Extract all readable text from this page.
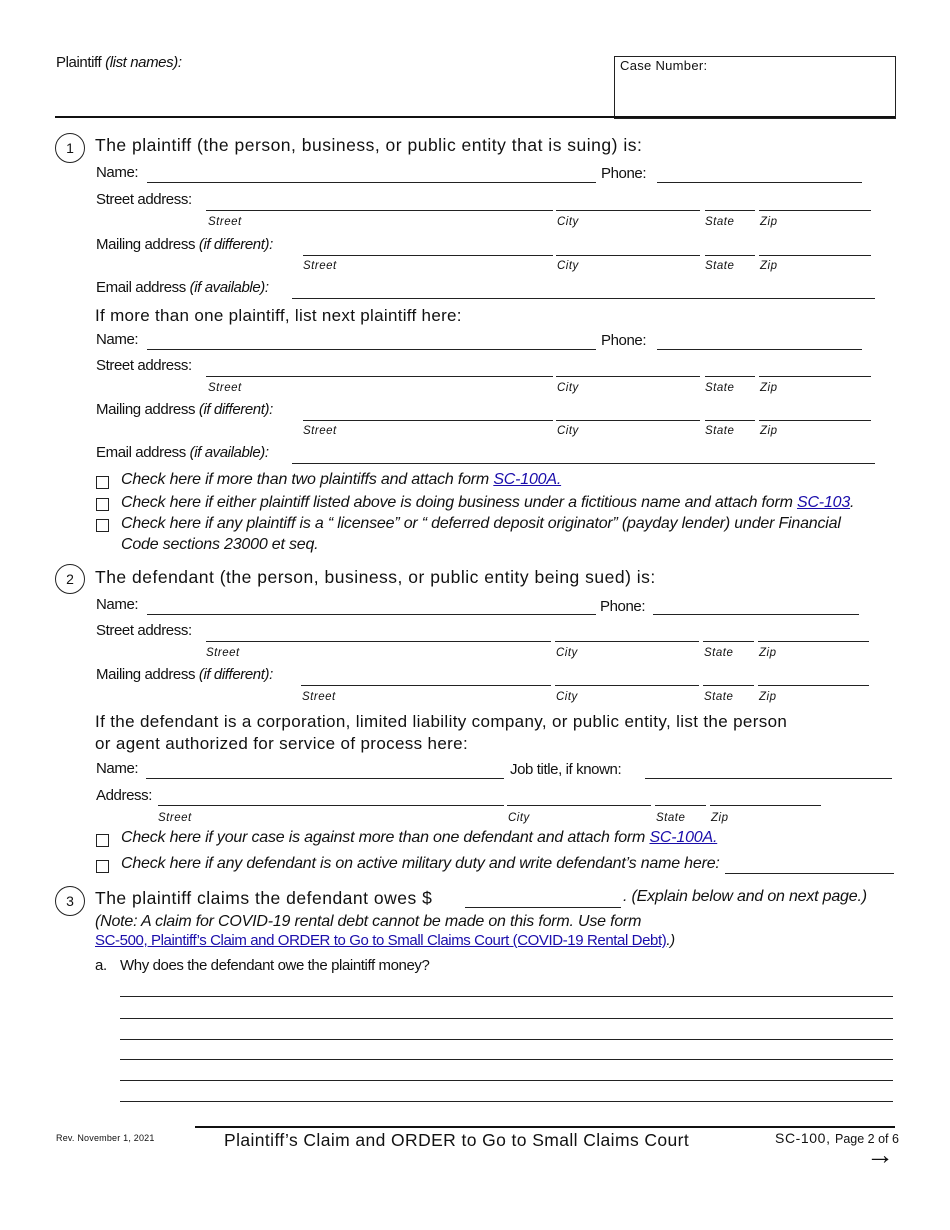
Plaintiff (list names):	Case Number:
1	The plaintiff (the person, business, or public entity that is suing) is:
Name:	Phone:
Street address:
Street	City	State Zip
Mailing address (if different):
Street	City	State Zip
Email address (if available):
If more than one plaintiff, list next plaintiff here:
Name:	Phone:
Street address:
Street	City	State Zip
Mailing address (if different):
Street	City	State Zip
Email address (if available):
Check here if more than two plaintiffs and attach form SC-100A.
Check here if either plaintiff listed above is doing business under a fictitious name and attach form SC-103.
Check here if any plaintiff is a “ licensee” or “ deferred deposit originator” (payday lender) under Financial
Code sections 23000 et seq.
2	The defendant (the person, business, or public entity being sued) is:
Name:	Phone:
Street address:
Street	City	State Zip
Mailing address (if different):
Street	City	State Zip
If the defendant is a corporation, limited liability company, or public entity, list the person
or agent authorized for service of process here:
Name:	Job title, if known:
Address:
Street	City	State Zip
Check here if your case is against more than one defendant and attach form SC-100A.
Check here if any defendant is on active military duty and write defendant’s name here:
3	The plaintiff claims the defendant owes $	. (Explain below and on next page.)
(Note: A claim for COVID-19 rental debt cannot be made on this form. Use form
SC-500, Plaintiff’s Claim and ORDER to Go to Small Claims Court (COVID-19 Rental Debt).)
a. Why does the defendant owe the plaintiff money?
Rev. November 1, 2021	Plaintiff’s Claim and ORDER to Go to Small Claims Court	SC-100, Page 2 of 6
→
